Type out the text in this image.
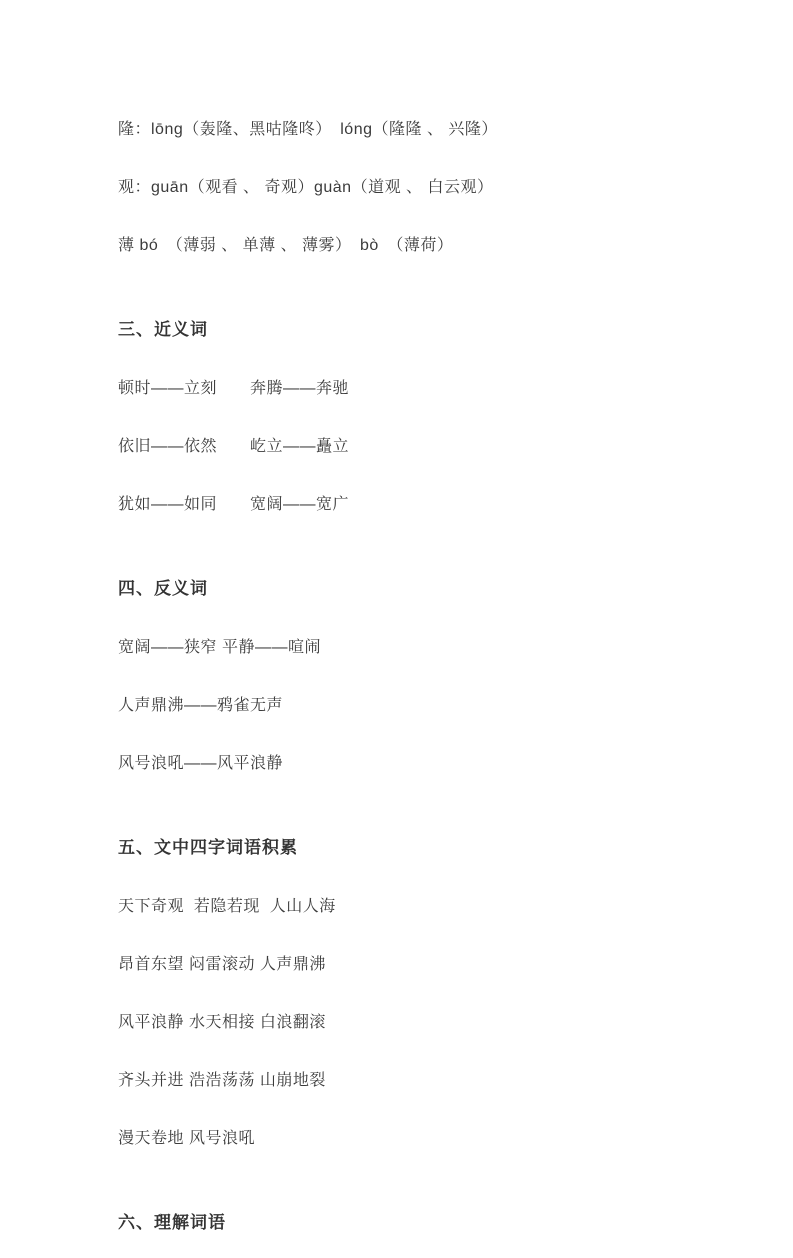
隆：lōng（轰隆、黑咕隆咚）　lóng（隆隆 、 兴隆）

观：guān（观看 、 奇观）guàn（道观 、 白云观）

薄 bó　（薄弱 、 单薄 、 薄雾）　bò　（薄荷）

三、近义词

顿时——立刻　　奔腾——奔驰

依旧——依然　　屹立——矗立

犹如——如同　　宽阔——宽广

四、反义词

宽阔——狭窄 平静——喧闹

人声鼎沸——鸦雀无声

风号浪吼——风平浪静

五、文中四字词语积累

天下奇观  若隐若现  人山人海

昂首东望 闷雷滚动 人声鼎沸

风平浪静 水天相接 白浪翻滚

齐头并进 浩浩荡荡 山崩地裂

漫天卷地 风号浪吼

六、理解词语
